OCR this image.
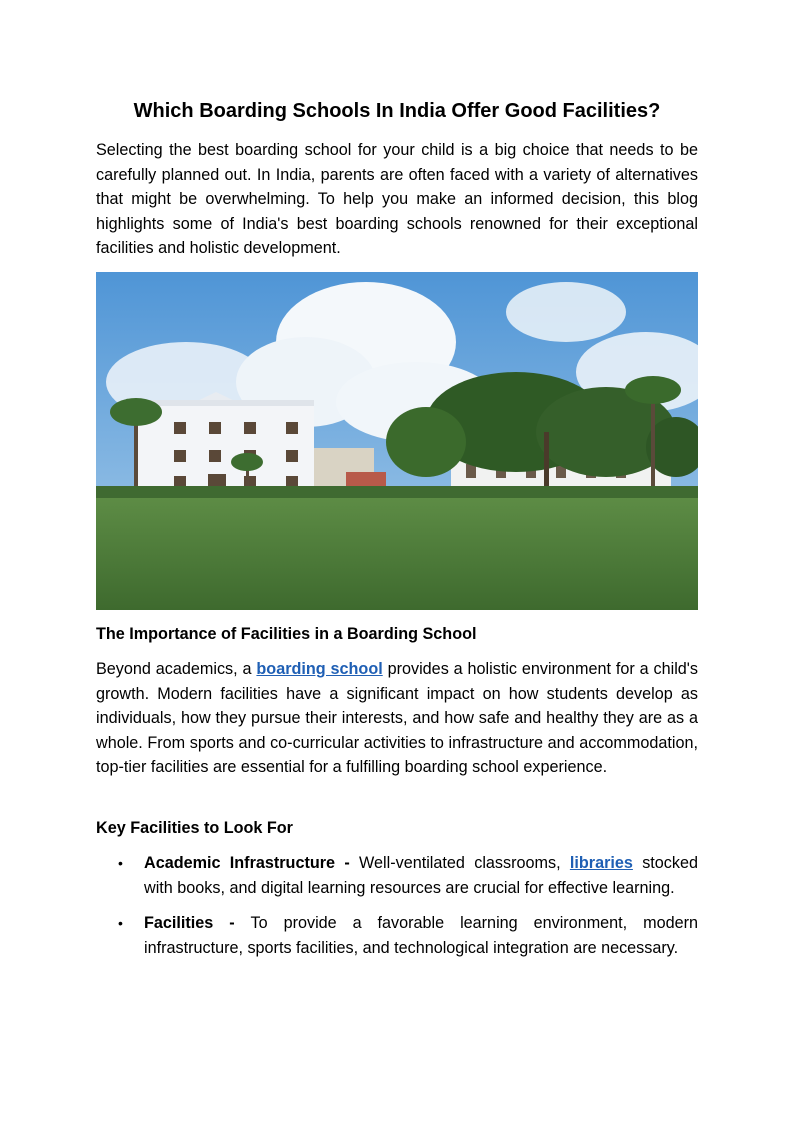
Which Boarding Schools In India Offer Good Facilities?

Selecting the best boarding school for your child is a big choice that needs to be carefully planned out. In India, parents are often faced with a variety of alternatives that might be overwhelming. To help you make an informed decision, this blog highlights some of India's best boarding schools renowned for their exceptional facilities and holistic development.

The Importance of Facilities in a Boarding School

Beyond academics, a boarding school provides a holistic environment for a child's growth. Modern facilities have a significant impact on how students develop as individuals, how they pursue their interests, and how safe and healthy they are as a whole. From sports and co-curricular activities to infrastructure and accommodation, top-tier facilities are essential for a fulfilling boarding school experience.

Key Facilities to Look For
• Academic Infrastructure - Well-ventilated classrooms, libraries stocked with books, and digital learning resources are crucial for effective learning.
• Facilities - To provide a favorable learning environment, modern infrastructure, sports facilities, and technological integration are necessary.
